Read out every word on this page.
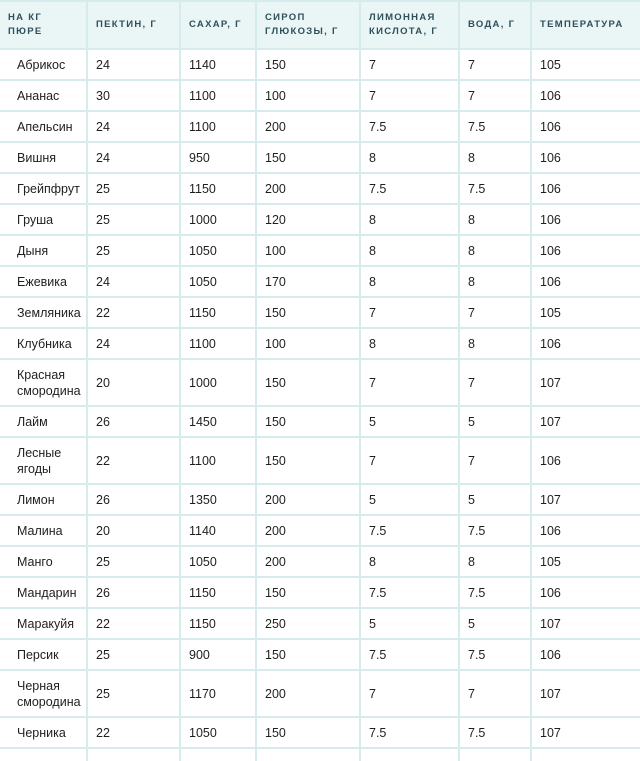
НА КГ ПЮРЕ	ПЕКТИН, Г	САХАР, Г	СИРОП ГЛЮКОЗЫ, Г	ЛИМОННАЯ КИСЛОТА, Г	ВОДА, Г	ТЕМПЕРАТУРА
Абрикос	24	1140	150	7	7	105
Ананас	30	1100	100	7	7	106
Апельсин	24	1100	200	7.5	7.5	106
Вишня	24	950	150	8	8	106
Грейпфрут	25	1150	200	7.5	7.5	106
Груша	25	1000	120	8	8	106
Дыня	25	1050	100	8	8	106
Ежевика	24	1050	170	8	8	106
Земляника	22	1150	150	7	7	105
Клубника	24	1100	100	8	8	106
Красная смородина	20	1000	150	7	7	107
Лайм	26	1450	150	5	5	107
Лесные ягоды	22	1100	150	7	7	106
Лимон	26	1350	200	5	5	107
Малина	20	1140	200	7.5	7.5	106
Манго	25	1050	200	8	8	105
Мандарин	26	1150	150	7.5	7.5	106
Маракуйя	22	1150	250	5	5	107
Персик	25	900	150	7.5	7.5	106
Черная смородина	25	1170	200	7	7	107
Черника	22	1050	150	7.5	7.5	107
